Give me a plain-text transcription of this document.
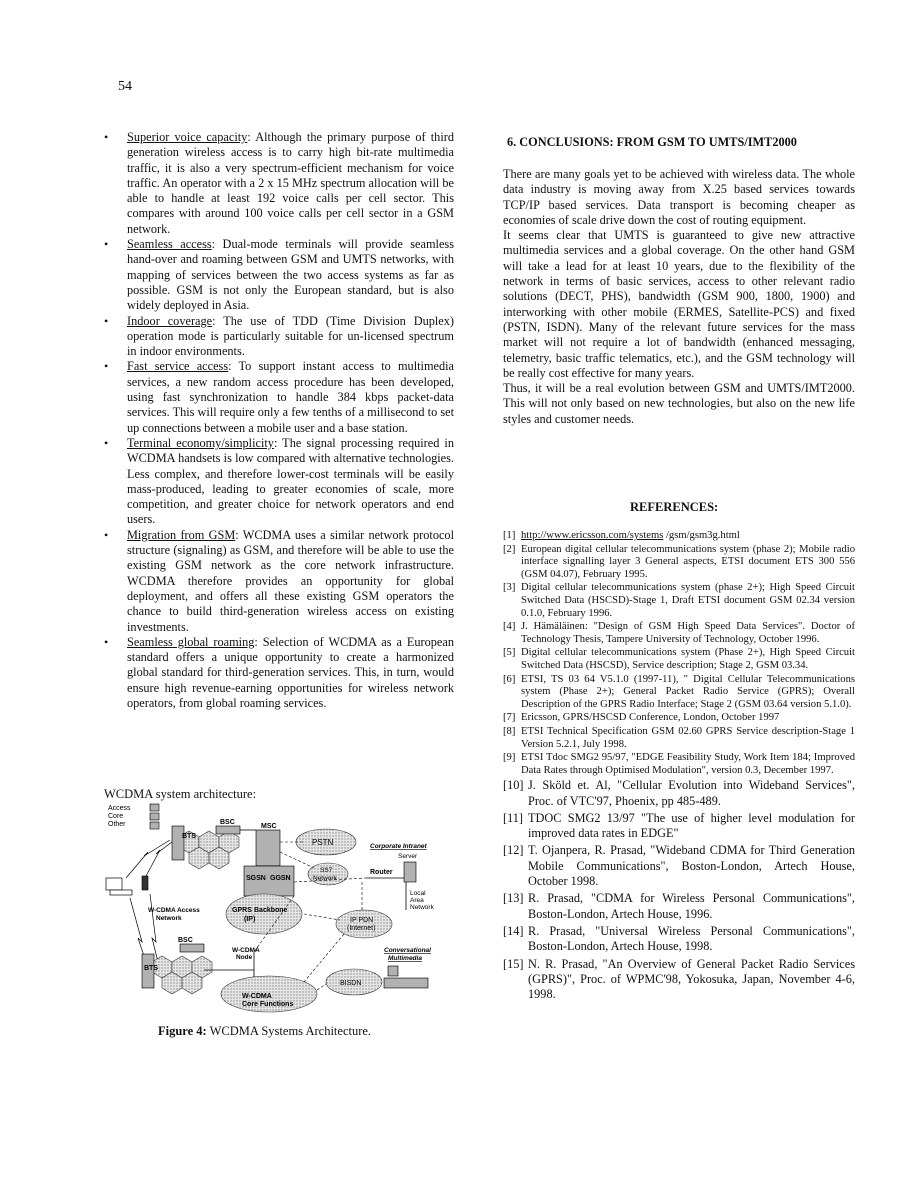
54
• Superior voice capacity: Although the primary purpose of third generation wireless access is to carry high bit-rate multimedia traffic, it is also a very spectrum-efficient mechanism for voice traffic. An operator with a 2 x 15 MHz spectrum allocation will be able to handle at least 192 voice calls per cell sector. This compares with around 100 voice calls per cell sector in a GSM network.
• Seamless access: Dual-mode terminals will provide seamless hand-over and roaming between GSM and UMTS networks, with mapping of services between the two access systems as far as possible. GSM is not only the European standard, but is also widely deployed in Asia.
• Indoor coverage: The use of TDD (Time Division Duplex) operation mode is particularly suitable for un-licensed spectrum in indoor environments.
• Fast service access: To support instant access to multimedia services, a new random access procedure has been developed, using fast synchronization to handle 384 kbps packet-data services. This will require only a few tenths of a millisecond to set up connections between a mobile user and a base station.
• Terminal economy/simplicity: The signal processing required in WCDMA handsets is low compared with alternative technologies. Less complex, and therefore lower-cost terminals will be easily mass-produced, leading to greater economies of scale, more competition, and greater choice for network operators and end users.
• Migration from GSM: WCDMA uses a similar network protocol structure (signaling) as GSM, and therefore will be able to use the existing GSM network as the core network infrastructure. WCDMA therefore provides an opportunity for global deployment, and offers all these existing GSM operators the chance to build third-generation wireless access on existing investments.
• Seamless global roaming: Selection of WCDMA as a European standard offers a unique opportunity to create a harmonized global standard for third-generation services. This, in turn, would ensure high revenue-earning opportunities for wireless network operators, from global roaming services.
WCDMA system architecture:
Access
Core
Other
BTS
BSC
MSC
PSTN	Corporate Intranet
Server
SS7
Network
SGSN GGSN
Router
Local
Area
Network
GPRS Backbone
(IP)	IP PDN
(Internet)
W-CDMA Access
Network
BSC
BTS
W-CDMA
Node
W-CDMA
Core Functions
BISDN
Conversational
Multimedia
Figure 4: WCDMA Systems Architecture.
6. CONCLUSIONS: FROM GSM TO UMTS/IMT2000

There are many goals yet to be achieved with wireless data. The whole data industry is moving away from X.25 based services towards TCP/IP based services. Data transport is becoming cheaper as economies of scale drive down the cost of routing equipment.

It seems clear that UMTS is guaranteed to give new attractive multimedia services and a global coverage. On the other hand GSM will take a lead for at least 10 years, due to the flexibility of the network in terms of basic services, access to other relevant radio solutions (DECT, PHS), bandwidth (GSM 900, 1800, 1900) and interworking with other mobile (ERMES, Satellite-PCS) and fixed (PSTN, ISDN). Many of the relevant future services for the mass market will not require a lot of bandwidth (enhanced messaging, telemetry, basic traffic telematics, etc.), and the GSM technology will be really cost effective for many years.

Thus, it will be a real evolution between GSM and UMTS/IMT2000. This will not only based on new technologies, but also on the new life styles and customer needs.

REFERENCES:
[1] http://www.ericsson.com/systems /gsm/gsm3g.html
[2] European digital cellular telecommunications system (phase 2); Mobile radio interface signalling layer 3 General aspects, ETSI document ETS 300 556 (GSM 04.07), February 1995.
[3] Digital cellular telecommunications system (phase 2+); High Speed Circuit Switched Data (HSCSD)-Stage 1, Draft ETSI document GSM 02.34 version 0.1.0, February 1996.
[4] J. Hämäläinen: "Design of GSM High Speed Data Services". Doctor of Technology Thesis, Tampere University of Technology, October 1996.
[5] Digital cellular telecommunications system (Phase 2+), High Speed Circuit Switched Data (HSCSD), Service description; Stage 2, GSM 03.34.
[6] ETSI, TS 03 64 V5.1.0 (1997-11), " Digital Cellular Telecommunications system (Phase 2+); General Packet Radio Service (GPRS); Overall Description of the GPRS Radio Interface; Stage 2 (GSM 03.64 version 5.1.0).
[7] Ericsson, GPRS/HSCSD Conference, London, October 1997
[8] ETSI Technical Specification GSM 02.60 GPRS Service description-Stage 1 Version 5.2.1, July 1998.
[9] ETSI Tdoc SMG2 95/97, "EDGE Feasibility Study, Work Item 184; Improved Data Rates through Optimised Modulation", version 0.3, December 1997.
[10] J. Sköld et. Al, "Cellular Evolution into Wideband Services", Proc. of VTC'97, Phoenix, pp 485-489.
[11] TDOC SMG2 13/97 "The use of higher level modulation for improved data rates in EDGE"
[12] T. Ojanpera, R. Prasad, "Wideband CDMA for Third Generation Mobile Communications", Boston-London, Artech House, October 1998.
[13] R. Prasad, "CDMA for Wireless Personal Communications", Boston-London, Artech House, 1996.
[14] R. Prasad, "Universal Wireless Personal Communications", Boston-London, Artech House, 1998.
[15] N. R. Prasad, "An Overview of General Packet Radio Services (GPRS)", Proc. of WPMC'98, Yokosuka, Japan, November 4-6, 1998.
